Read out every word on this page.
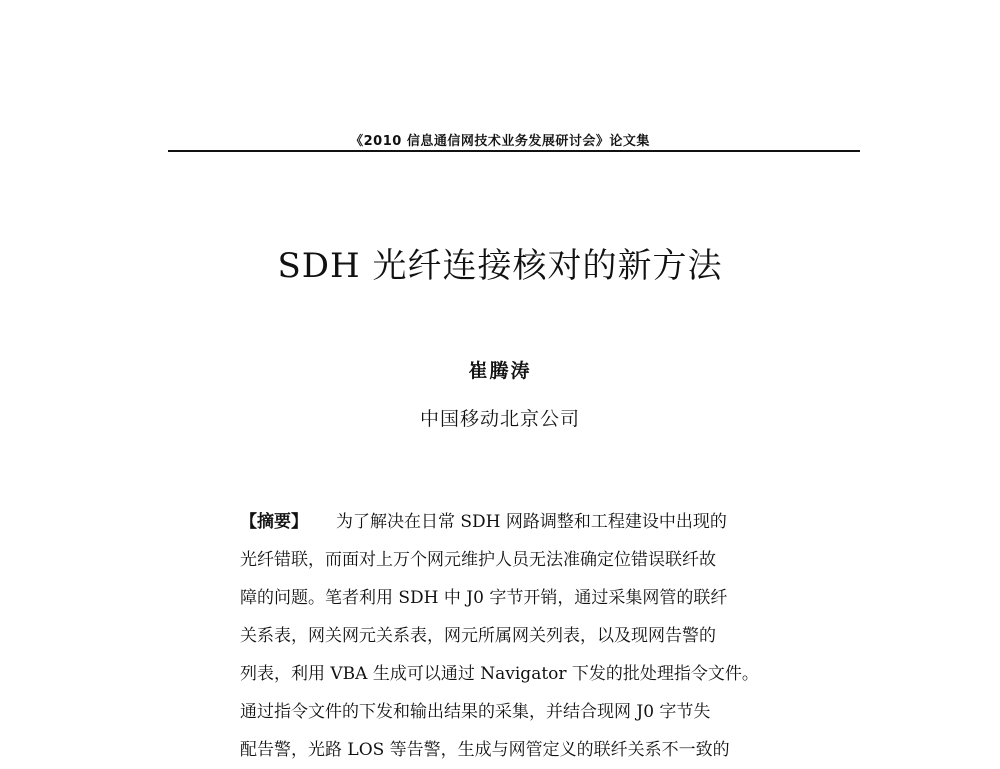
《2010 信息通信网技术业务发展研讨会》论文集
SDH 光纤连接核对的新方法
崔腾涛
中国移动北京公司
【摘要】 为了解决在日常 SDH 网路调整和工程建设中出现的
光纤错联，而面对上万个网元维护人员无法准确定位错误联纤故
障的问题。笔者利用 SDH 中 J0 字节开销，通过采集网管的联纤
关系表，网关网元关系表，网元所属网关列表，以及现网告警的
列表，利用 VBA 生成可以通过 Navigator 下发的批处理指令文件。
通过指令文件的下发和输出结果的采集，并结合现网 J0 字节失
配告警，光路 LOS 等告警，生成与网管定义的联纤关系不一致的
